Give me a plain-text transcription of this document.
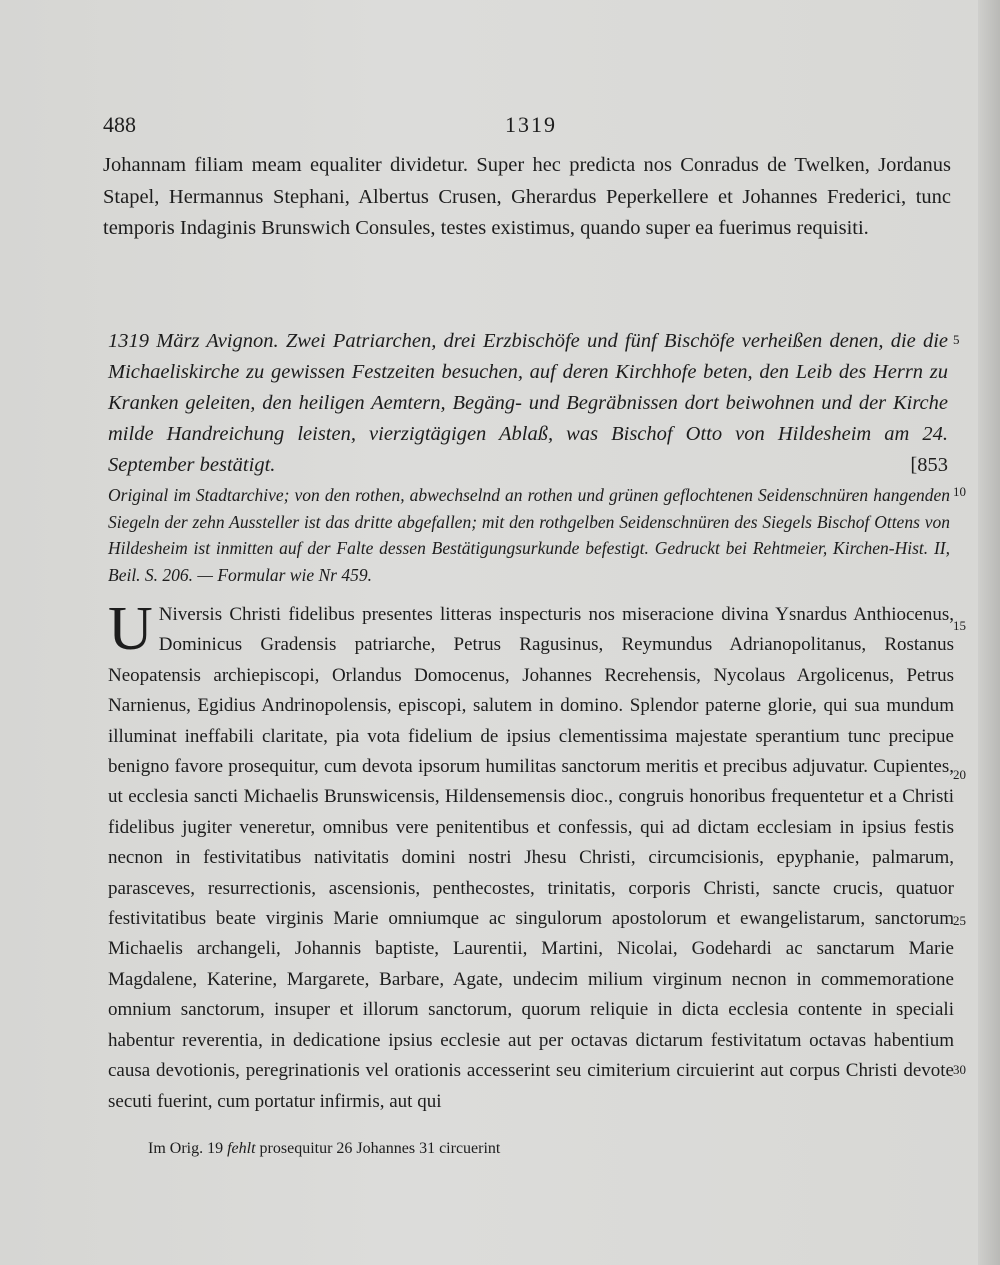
488	1319

Johannam filiam meam equaliter dividetur. Super hec predicta nos Conradus de Twelken, Jordanus Stapel, Hermannus Stephani, Albertus Crusen, Gherardus Peperkellere et Johannes Frederici, tunc temporis Indaginis Brunswich Consules, testes existimus, quando super ea fuerimus requisiti.

1319 März Avignon. Zwei Patriarchen, drei Erzbischöfe und fünf Bischöfe verheißen denen, die die Michaeliskirche zu gewissen Festzeiten besuchen, auf deren Kirchhofe beten, den Leib des Herrn zu Kranken geleiten, den heiligen Aemtern, Begäng- und Begräbnissen dort beiwohnen und der Kirche milde Handreichung leisten, vierzigtägigen Ablaß, was Bischof Otto von Hildesheim am 24. September bestätigt.	[853

Original im Stadtarchive; von den rothen, abwechselnd an rothen und grünen geflochtenen Seidenschnüren hangenden Siegeln der zehn Aussteller ist das dritte abgefallen; mit den rothgelben Seidenschnüren des Siegels Bischof Ottens von Hildesheim ist inmitten auf der Falte dessen Bestätigungsurkunde befestigt. Gedruckt bei Rehtmeier, Kirchen-Hist. II, Beil. S. 206. — Formular wie Nr 459.

U Niversis Christi fidelibus presentes litteras inspecturis nos miseracione divina Ysnardus Anthiocenus, Dominicus Gradensis patriarche, Petrus Ragusinus, Reymundus Adrianopolitanus, Rostanus Neopatensis archiepiscopi, Orlandus Domocenus, Johannes Recrehensis, Nycolaus Argolicenus, Petrus Narnienus, Egidius Andrinopolensis, episcopi, salutem in domino. Splendor paterne glorie, qui sua mundum illuminat ineffabili claritate, pia vota fidelium de ipsius clementissima majestate sperantium tunc precipue benigno favore prosequitur, cum devota ipsorum humilitas sanctorum meritis et precibus adjuvatur. Cupientes, ut ecclesia sancti Michaelis Brunswicensis, Hildensemensis dioc., congruis honoribus frequentetur et a Christi fidelibus jugiter veneretur, omnibus vere penitentibus et confessis, qui ad dictam ecclesiam in ipsius festis necnon in festivitatibus nativitatis domini nostri Jhesu Christi, circumcisionis, epyphanie, palmarum, parasceves, resurrectionis, ascensionis, penthecostes, trinitatis, corporis Christi, sancte crucis, quatuor festivitatibus beate virginis Marie omniumque ac singulorum apostolorum et ewangelistarum, sanctorum Michaelis archangeli, Johannis baptiste, Laurentii, Martini, Nicolai, Godehardi ac sanctarum Marie Magdalene, Katerine, Margarete, Barbare, Agate, undecim milium virginum necnon in commemoratione omnium sanctorum, insuper et illorum sanctorum, quorum reliquie in dicta ecclesia contente in speciali habentur reverentia, in dedicatione ipsius ecclesie aut per octavas dictarum festivitatum octavas habentium causa devotionis, peregrinationis vel orationis accesserint seu cimiterium circuierint aut corpus Christi devote secuti fuerint, cum portatur infirmis, aut qui
Im Orig. 19 fehlt prosequitur 26 Johannes 31 circuerint
5
10
15
20
25
30
